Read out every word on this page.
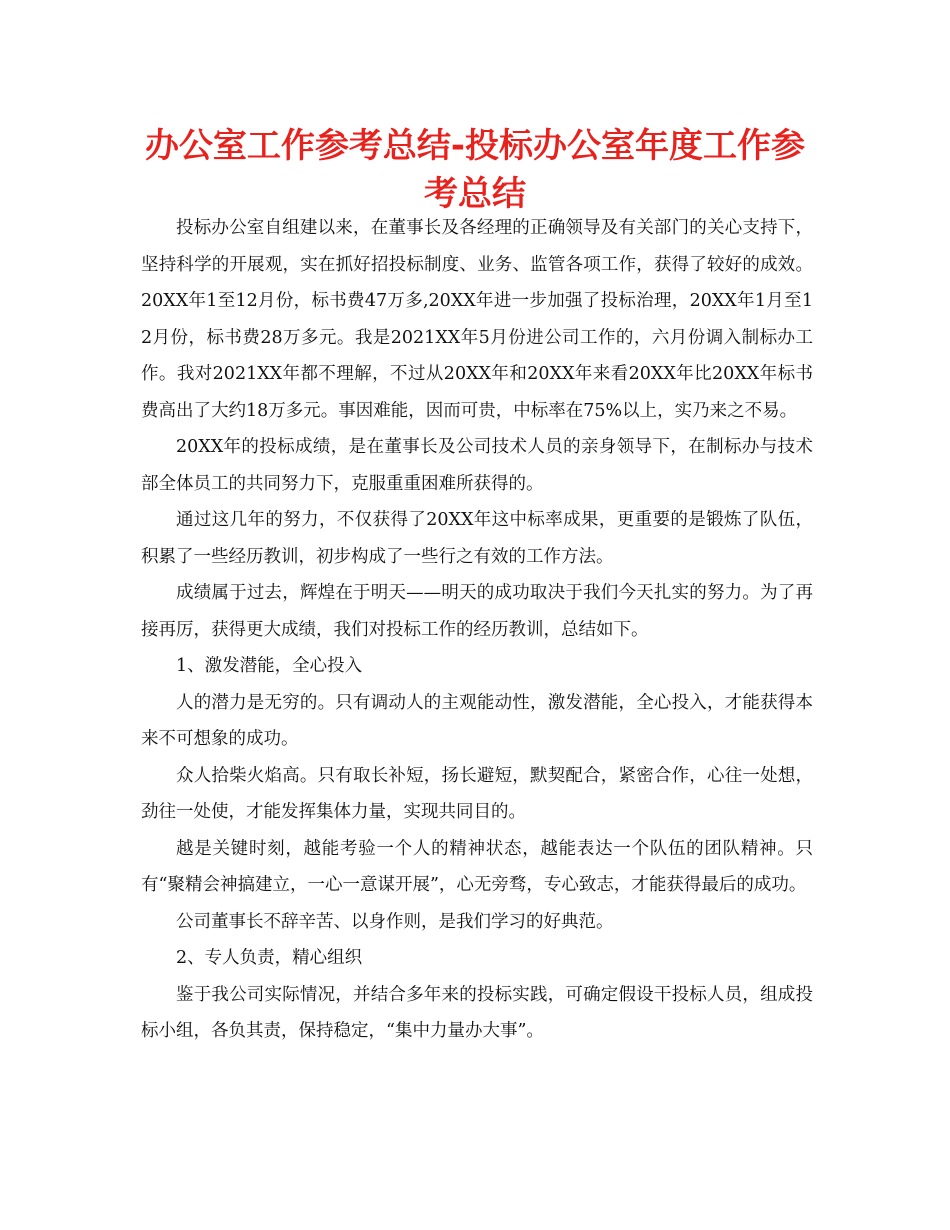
办公室工作参考总结-投标办公室年度工作参考总结

投标办公室自组建以来，在董事长及各经理的正确领导及有关部门的关心支持下，坚持科学的开展观，实在抓好招投标制度、业务、监管各项工作，获得了较好的成效。20XX年1至12月份，标书费47万多,20XX年进一步加强了投标治理，20XX年1月至12月份，标书费28万多元。我是2021XX年5月份进公司工作的，六月份调入制标办工作。我对2021XX年都不理解，不过从20XX年和20XX年来看20XX年比20XX年标书费高出了大约18万多元。事因难能，因而可贵，中标率在75%以上，实乃来之不易。

20XX年的投标成绩，是在董事长及公司技术人员的亲身领导下，在制标办与技术部全体员工的共同努力下，克服重重困难所获得的。

通过这几年的努力，不仅获得了20XX年这中标率成果，更重要的是锻炼了队伍，积累了一些经历教训，初步构成了一些行之有效的工作方法。

成绩属于过去，辉煌在于明天——明天的成功取决于我们今天扎实的努力。为了再接再厉，获得更大成绩，我们对投标工作的经历教训，总结如下。

1、激发潜能，全心投入

人的潜力是无穷的。只有调动人的主观能动性，激发潜能，全心投入，才能获得本来不可想象的成功。

众人拾柴火焰高。只有取长补短，扬长避短，默契配合，紧密合作，心往一处想，劲往一处使，才能发挥集体力量，实现共同目的。

越是关键时刻，越能考验一个人的精神状态，越能表达一个队伍的团队精神。只有“聚精会神搞建立，一心一意谋开展”，心无旁骛，专心致志，才能获得最后的成功。

公司董事长不辞辛苦、以身作则，是我们学习的好典范。

2、专人负责，精心组织

鉴于我公司实际情况，并结合多年来的投标实践，可确定假设干投标人员，组成投标小组，各负其责，保持稳定，“集中力量办大事”。
